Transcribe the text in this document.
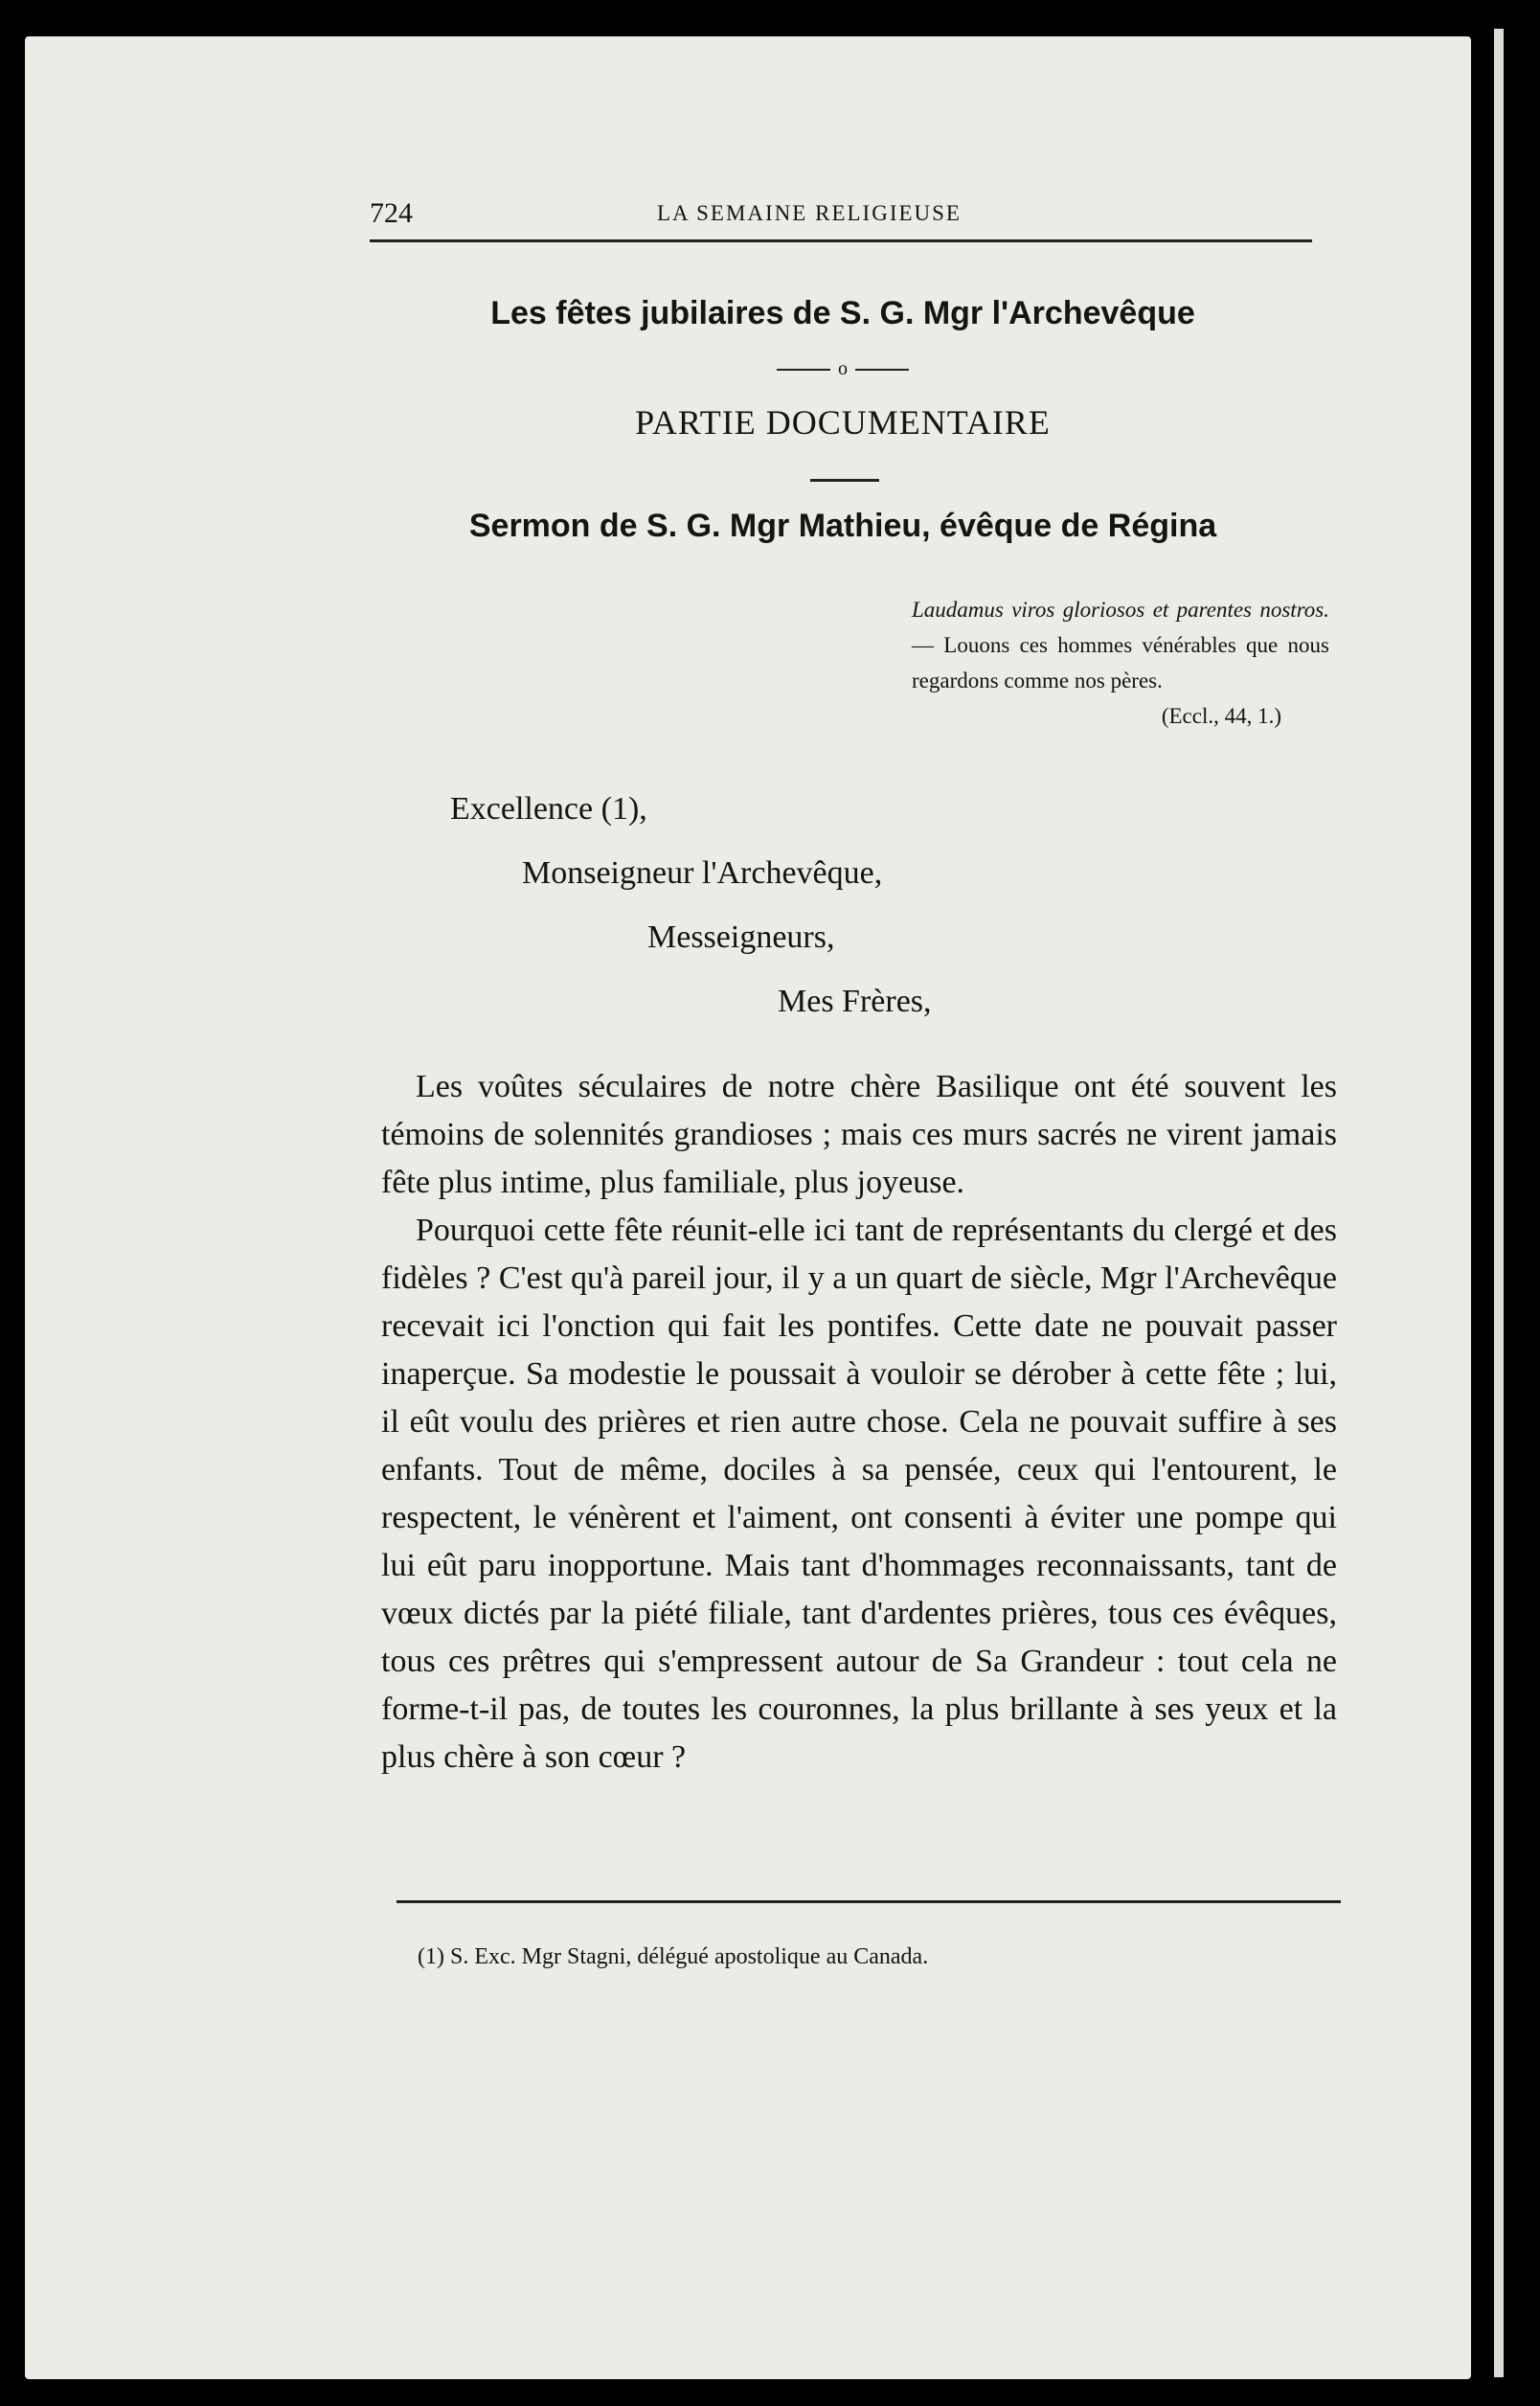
724	LA SEMAINE RELIGIEUSE
Les fêtes jubilaires de S. G. Mgr l'Archevêque
o
PARTIE DOCUMENTAIRE
Sermon de S. G. Mgr Mathieu, évêque de Régina
Laudamus viros gloriosos et parentes nostros. — Louons ces hommes vénérables que nous regardons comme nos pères.
(Eccl., 44, 1.)
Excellence (1),
Monseigneur l'Archevêque,
Messeigneurs,
Mes Frères,

Les voûtes séculaires de notre chère Basilique ont été souvent les témoins de solennités grandioses ; mais ces murs sacrés ne virent jamais fête plus intime, plus familiale, plus joyeuse.

Pourquoi cette fête réunit-elle ici tant de représentants du clergé et des fidèles ? C'est qu'à pareil jour, il y a un quart de siècle, Mgr l'Archevêque recevait ici l'onction qui fait les pontifes. Cette date ne pouvait passer inaperçue. Sa modestie le poussait à vouloir se dérober à cette fête ; lui, il eût voulu des prières et rien autre chose. Cela ne pouvait suffire à ses enfants. Tout de même, dociles à sa pensée, ceux qui l'entourent, le respectent, le vénèrent et l'aiment, ont consenti à éviter une pompe qui lui eût paru inopportune. Mais tant d'hommages reconnaissants, tant de vœux dictés par la piété filiale, tant d'ardentes prières, tous ces évêques, tous ces prêtres qui s'empressent autour de Sa Grandeur : tout cela ne forme-t-il pas, de toutes les couronnes, la plus brillante à ses yeux et la plus chère à son cœur ?

(1) S. Exc. Mgr Stagni, délégué apostolique au Canada.
